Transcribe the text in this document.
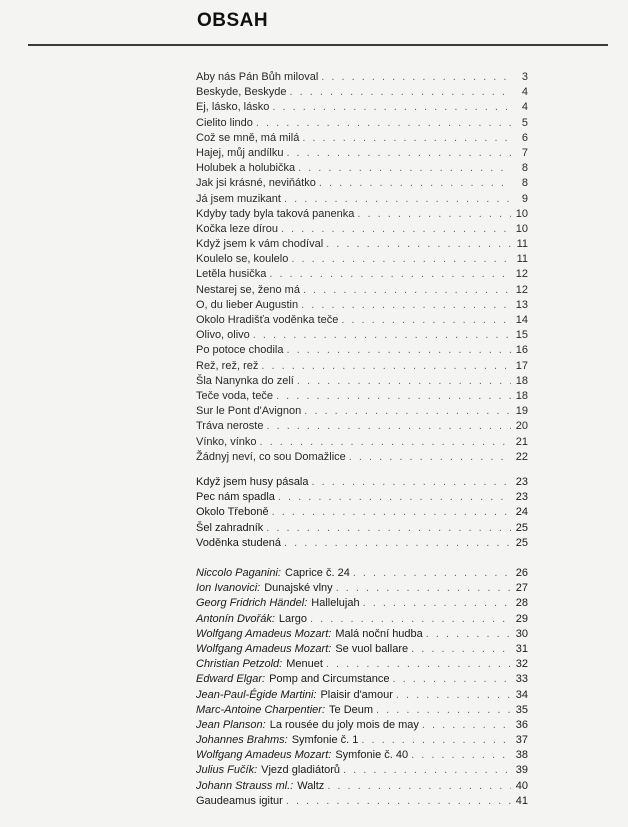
OBSAH
Aby nás Pán Bůh miloval . . .	3
Beskyde, Beskyde . . .	4
Ej, lásko, lásko . . .	4
Cielito lindo . . .	5
Což se mně, má milá . . .	6
Hajej, můj andílku . . .	7
Holubek a holubička . . .	8
Jak jsi krásné, neviňátko . . .	8
Já jsem muzikant . . .	9
Kdyby tady byla taková panenka . . .	10
Kočka leze dírou . . .	10
Když jsem k vám chodíval . . .	11
Koulelo se, koulelo . . .	11
Letěla husička . . .	12
Nestarej se, ženo má . . .	12
O, du lieber Augustin . . .	13
Okolo Hradišťa voděnka teče . . .	14
Olivo, olivo . . .	15
Po potoce chodila . . .	16
Rež, rež, rež . . .	17
Šla Nanynka do zelí . . .	18
Teče voda, teče . . .	18
Sur le Pont d'Avignon . . .	19
Tráva neroste . . .	20
Vínko, vínko . . .	21
Žádnyj neví, co sou Domažlice . . .	22
Když jsem husy pásala . . .	23
Pec nám spadla . . .	23
Okolo Třeboně . . .	24
Šel zahradník . . .	25
Voděnka studená . . .	25
Niccolo Paganini: Caprice č. 24 . . .	26
Ion Ivanovici: Dunajské vlny . . .	27
Georg Fridrich Händel: Hallelujah . . .	28
Antonín Dvořák: Largo . . .	29
Wolfgang Amadeus Mozart: Malá noční hudba . . .	30
Wolfgang Amadeus Mozart: Se vuol ballare . . .	31
Christian Petzold: Menuet . . .	32
Edward Elgar: Pomp and Circumstance . . .	33
Jean-Paul-Égide Martini: Plaisir d'amour . . .	34
Marc-Antoine Charpentier: Te Deum . . .	35
Jean Planson: La rousée du joly mois de may . . .	36
Johannes Brahms: Symfonie č. 1 . . .	37
Wolfgang Amadeus Mozart: Symfonie č. 40 . . .	38
Julius Fučík: Vjezd gladiátorů . . .	39
Johann Strauss ml.: Waltz . . .	40
Gaudeamus igitur . . .	41
